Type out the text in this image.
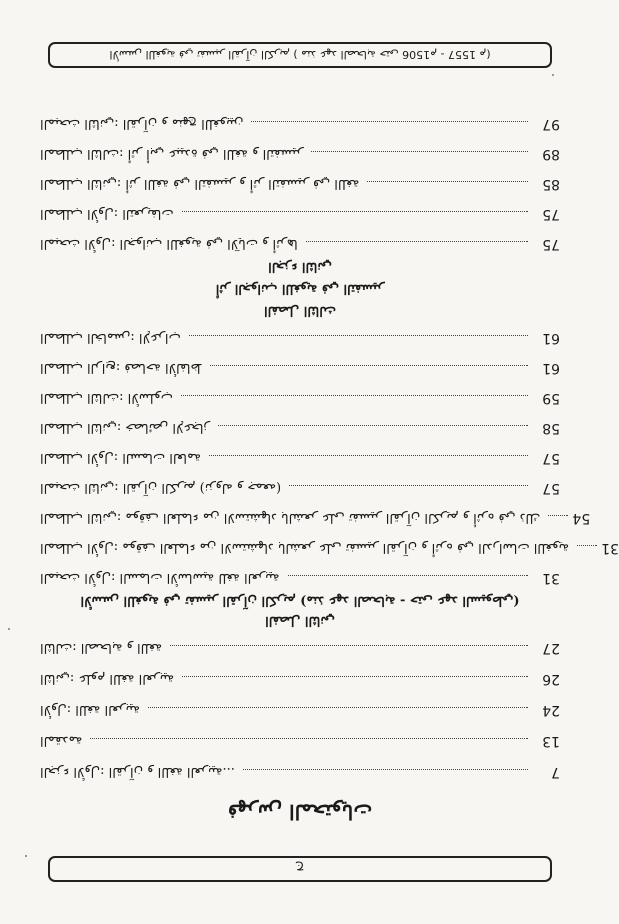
ج
فهرس المحتويات
الجزء الأول: القرآن و اللغة العربية...	7
المقدمة	13
الأول: اللغة العربية	24
الثاني: علوم اللغة العربية	26
الثالث: الصحابة و اللغة	27
الفصل الثاني
الأسس اللغوية في تفسير القرآن الكريم (منذ عهد الصحابة - حتى عهد السيوطي)
المبحث الأول: السمات الأساسية للغة العربية	31
المطلب الأول: موقف العلماء من الاستشهاد بالشعر على تفسير القرآن و أثره في الدراسات اللغوية 31
المطلب الثاني: موقف العلماء من الاستشهاد بالشعر على تفسير القرآن الكريم و أثره في ذلك 54
المبحث الثاني: القرآن الكريم (نزوله و جمعه)	57
المطلب الأول: السمات العامة	57
المطلب الثاني: خصائص الإعجاز	58
المطلب الثالث: الأسلوب	59
المطلب الرابع: فصاحة الألفاظ	61
المطلب الخامس: الإعراب	61
الفصل الثالث
أثر الجوانب اللغوية في التفسير
الجزء الثاني
المبحث الأول: الجوانب اللغوية في الآيات و أثرها	75
المطلب الأول: التعريفات	75
المطلب الثاني: أثر اللغة في التفسير و أثر التفسير في اللغة	85
المطلب الثالث: أثر أبي عبيدة في اللغة و التفسير	89
المبحث الثاني: القرآن و منهج اللغويين	97
الأسس اللغوية في تفسير القرآن الكريم ( منذ عهد الصحابة حتى 1506م - 1557 م)
